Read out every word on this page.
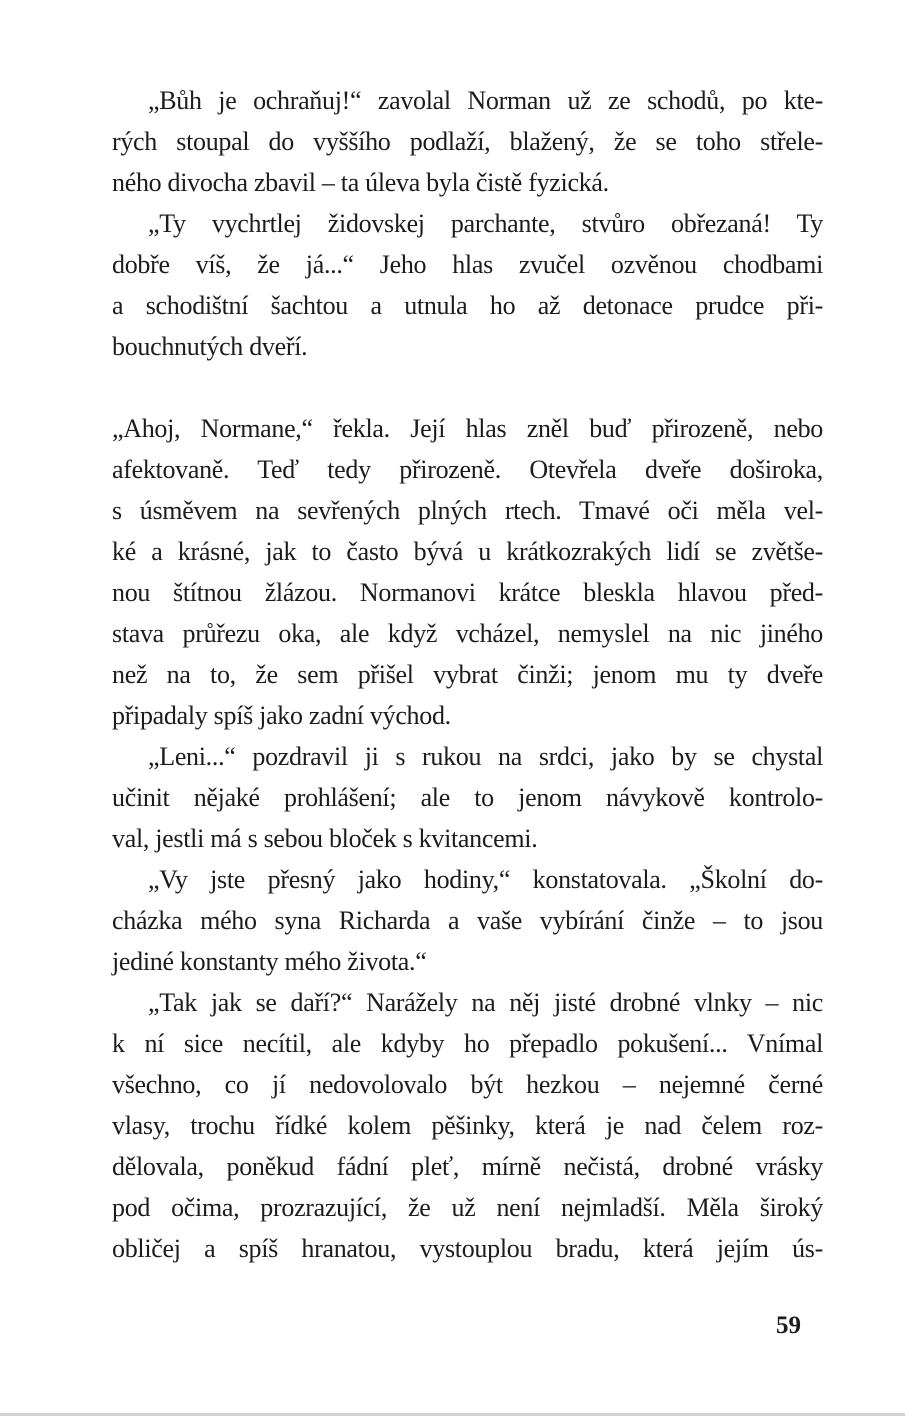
„Bůh je ochraňuj!“ zavolal Norman už ze schodů, po kte-
rých stoupal do vyššího podlaží, blažený, že se toho střele-
ného divocha zbavil – ta úleva byla čistě fyzická.
„Ty vychrtlej židovskej parchante, stvůro obřezaná! Ty
dobře víš, že já...“ Jeho hlas zvučel ozvěnou chodbami
a schodištní šachtou a utnula ho až detonace prudce při-
bouchnutých dveří.
„Ahoj, Normane,“ řekla. Její hlas zněl buď přirozeně, nebo
afektovaně. Teď tedy přirozeně. Otevřela dveře doširoka,
s úsměvem na sevřených plných rtech. Tmavé oči měla vel-
ké a krásné, jak to často bývá u krátkozrakých lidí se zvětše-
nou štítnou žlázou. Normanovi krátce bleskla hlavou před-
stava průřezu oka, ale když vcházel, nemyslel na nic jiného
než na to, že sem přišel vybrat činži; jenom mu ty dveře
připadaly spíš jako zadní východ.
„Leni...“ pozdravil ji s rukou na srdci, jako by se chystal
učinit nějaké prohlášení; ale to jenom návykově kontrolo-
val, jestli má s sebou bloček s kvitancemi.
„Vy jste přesný jako hodiny,“ konstatovala. „Školní do-
cházka mého syna Richarda a vaše vybírání činže – to jsou
jediné konstanty mého života.“
„Tak jak se daří?“ Narážely na něj jisté drobné vlnky – nic
k ní sice necítil, ale kdyby ho přepadlo pokušení... Vnímal
všechno, co jí nedovolovalo být hezkou – nejemné černé
vlasy, trochu řídké kolem pěšinky, která je nad čelem roz-
dělovala, poněkud fádní pleť, mírně nečistá, drobné vrásky
pod očima, prozrazující, že už není nejmladší. Měla široký
obličej a spíš hranatou, vystouplou bradu, která jejím ús-
59
